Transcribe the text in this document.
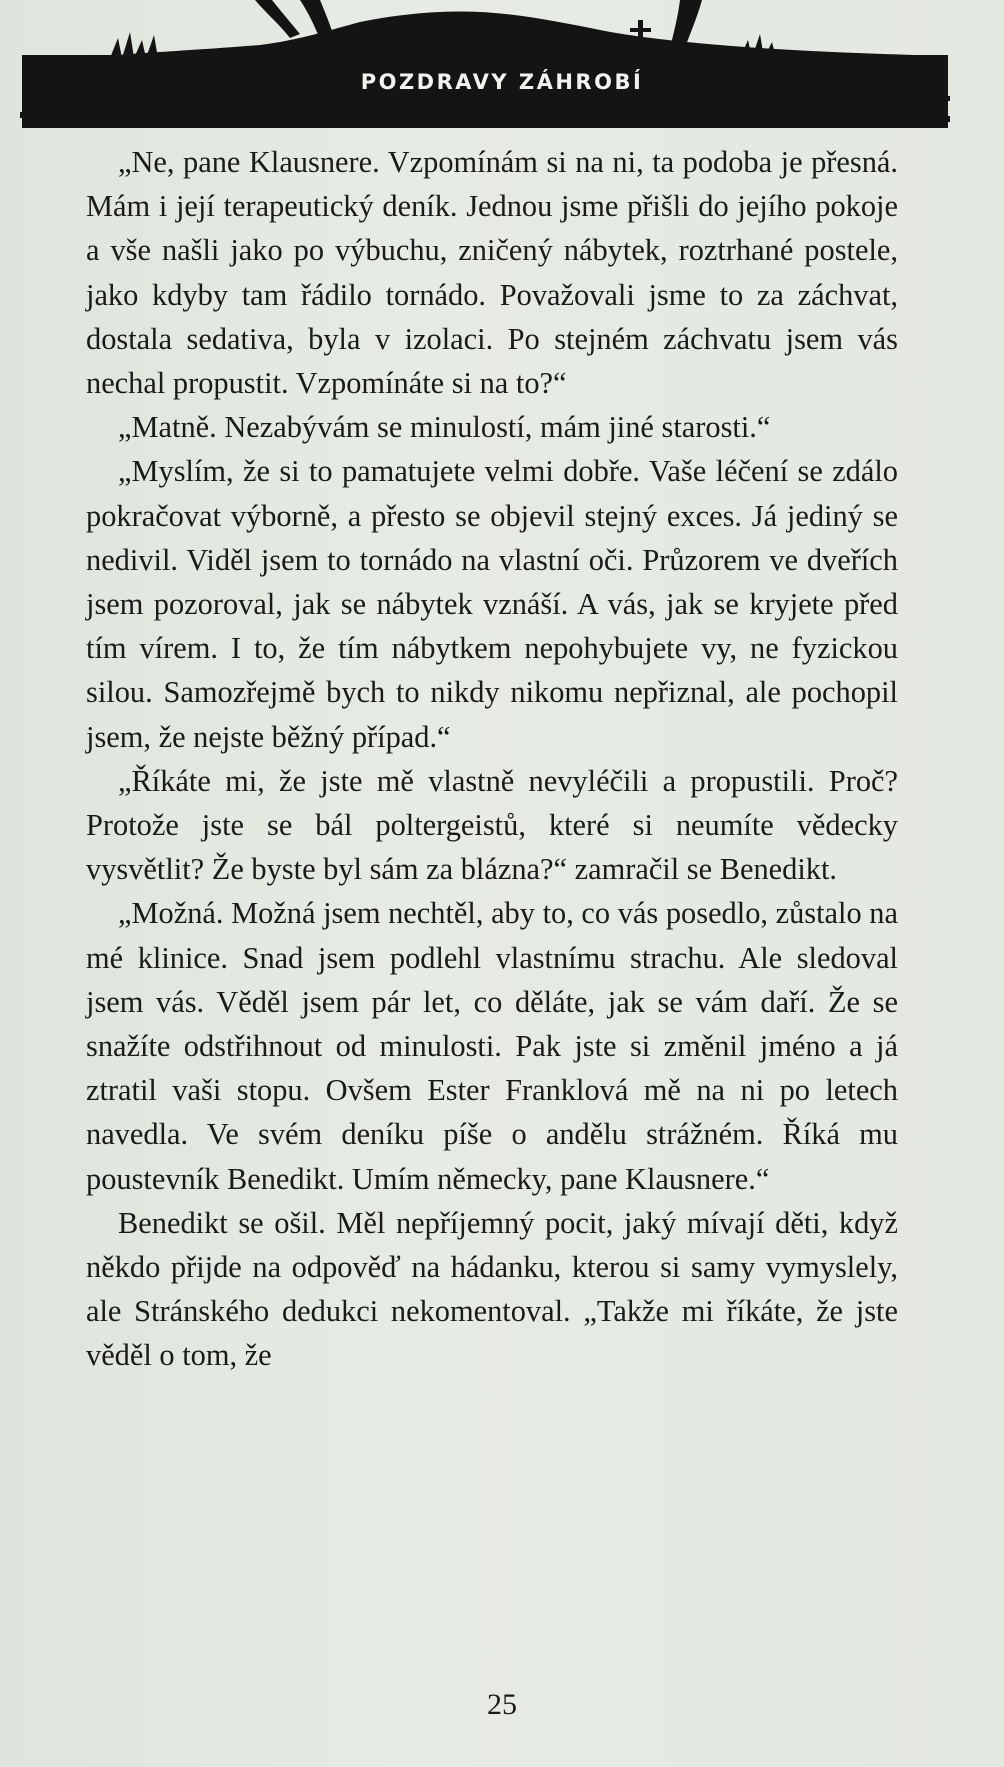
POZDRAVY ZÁHROBÍ

„Ne, pane Klausnere. Vzpomínám si na ni, ta podoba je přesná. Mám i její terapeutický deník. Jednou jsme přišli do jejího pokoje a vše našli jako po výbuchu, zničený nábytek, roztrhané postele, jako kdyby tam řádilo tornádo. Považovali jsme to za záchvat, dostala sedativa, byla v izolaci. Po stejném záchvatu jsem vás nechal propustit. Vzpomínáte si na to?“

„Matně. Nezabývám se minulostí, mám jiné starosti.“

„Myslím, že si to pamatujete velmi dobře. Vaše léčení se zdálo pokračovat výborně, a přesto se objevil stejný exces. Já jediný se nedivil. Viděl jsem to tornádo na vlastní oči. Průzorem ve dveřích jsem pozoroval, jak se nábytek vznáší. A vás, jak se kryjete před tím vírem. I to, že tím nábytkem nepohybujete vy, ne fyzickou silou. Samozřejmě bych to nikdy nikomu nepřiznal, ale pochopil jsem, že nejste běžný případ.“

„Říkáte mi, že jste mě vlastně nevyléčili a propustili. Proč? Protože jste se bál poltergeistů, které si neumíte vědecky vysvětlit? Že byste byl sám za blázna?“ zamračil se Benedikt.

„Možná. Možná jsem nechtěl, aby to, co vás posedlo, zůstalo na mé klinice. Snad jsem podlehl vlastnímu strachu. Ale sledoval jsem vás. Věděl jsem pár let, co děláte, jak se vám daří. Že se snažíte odstřihnout od minulosti. Pak jste si změnil jméno a já ztratil vaši stopu. Ovšem Ester Franklová mě na ni po letech navedla. Ve svém deníku píše o andělu strážném. Říká mu poustevník Benedikt. Umím německy, pane Klausnere.“

Benedikt se ošil. Měl nepříjemný pocit, jaký mívají děti, když někdo přijde na odpověď na hádanku, kterou si samy vymyslely, ale Stránského dedukci nekomentoval. „Takže mi říkáte, že jste věděl o tom, že

25
